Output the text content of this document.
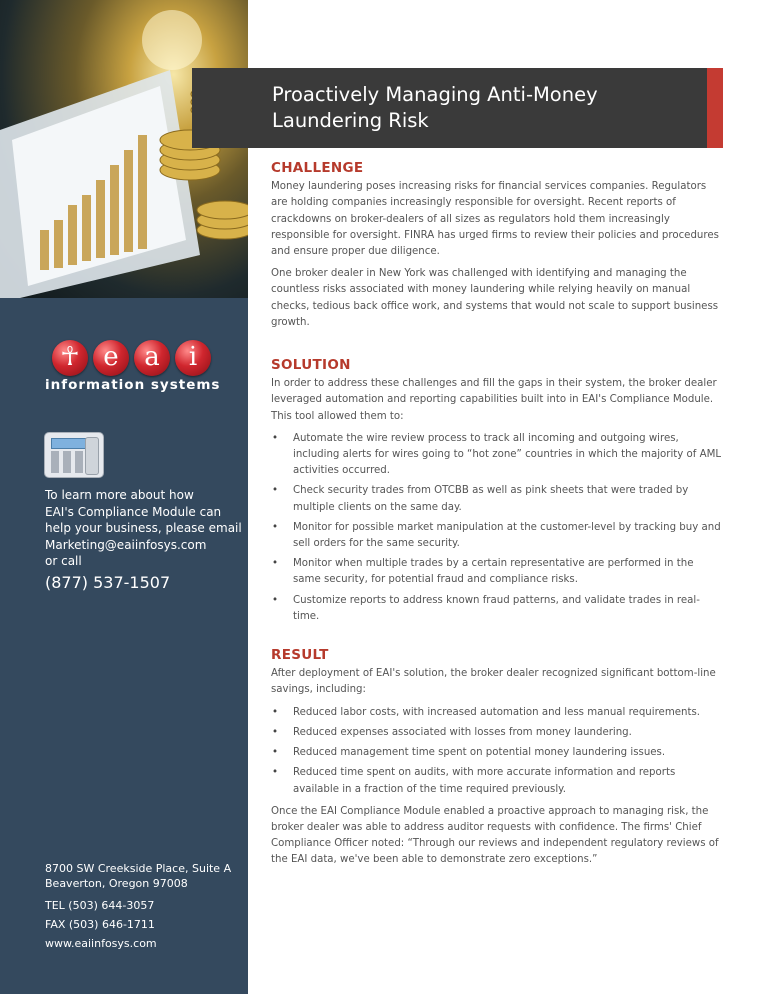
☥ e a	i
information systems
To learn more about how
EAI's Compliance Module can
help your business, please email
Marketing@eaiinfosys.com
or call
(877) 537-1507

8700 SW Creekside Place, Suite A

Beaverton, Oregon 97008

TEL (503) 644-3057

FAX (503) 646-1711

www.eaiinfosys.com

Proactively Managing Anti-Money Laundering Risk
CHALLENGE

Money laundering poses increasing risks for financial services companies. Regulators are holding companies increasingly responsible for oversight. Recent reports of crackdowns on broker-dealers of all sizes as regulators hold them increasingly responsible for oversight. FINRA has urged firms to review their policies and procedures and ensure proper due diligence.

One broker dealer in New York was challenged with identifying and managing the countless risks associated with money laundering while relying heavily on manual checks, tedious back office work, and systems that would not scale to support business growth.

SOLUTION

In order to address these challenges and fill the gaps in their system, the broker dealer leveraged automation and reporting capabilities built into in EAI's Compliance Module. This tool allowed them to:

• Automate the wire review process to track all incoming and outgoing wires, including alerts for wires going to “hot zone” countries in which the majority of AML activities occurred.
• Check security trades from OTCBB as well as pink sheets that were traded by multiple clients on the same day.
• Monitor for possible market manipulation at the customer-level by tracking buy and sell orders for the same security.
• Monitor when multiple trades by a certain representative are performed in the same security, for potential fraud and compliance risks.
• Customize reports to address known fraud patterns, and validate trades in real-time.
RESULT

After deployment of EAI's solution, the broker dealer recognized significant bottom-line savings, including:

• Reduced labor costs, with increased automation and less manual requirements.
• Reduced expenses associated with losses from money laundering.
• Reduced management time spent on potential money laundering issues.
• Reduced time spent on audits, with more accurate information and reports available in a fraction of the time required previously.

Once the EAI Compliance Module enabled a proactive approach to managing risk, the broker dealer was able to address auditor requests with confidence. The firms' Chief Compliance Officer noted: “Through our reviews and independent regulatory reviews of the EAI data, we've been able to demonstrate zero exceptions.”
